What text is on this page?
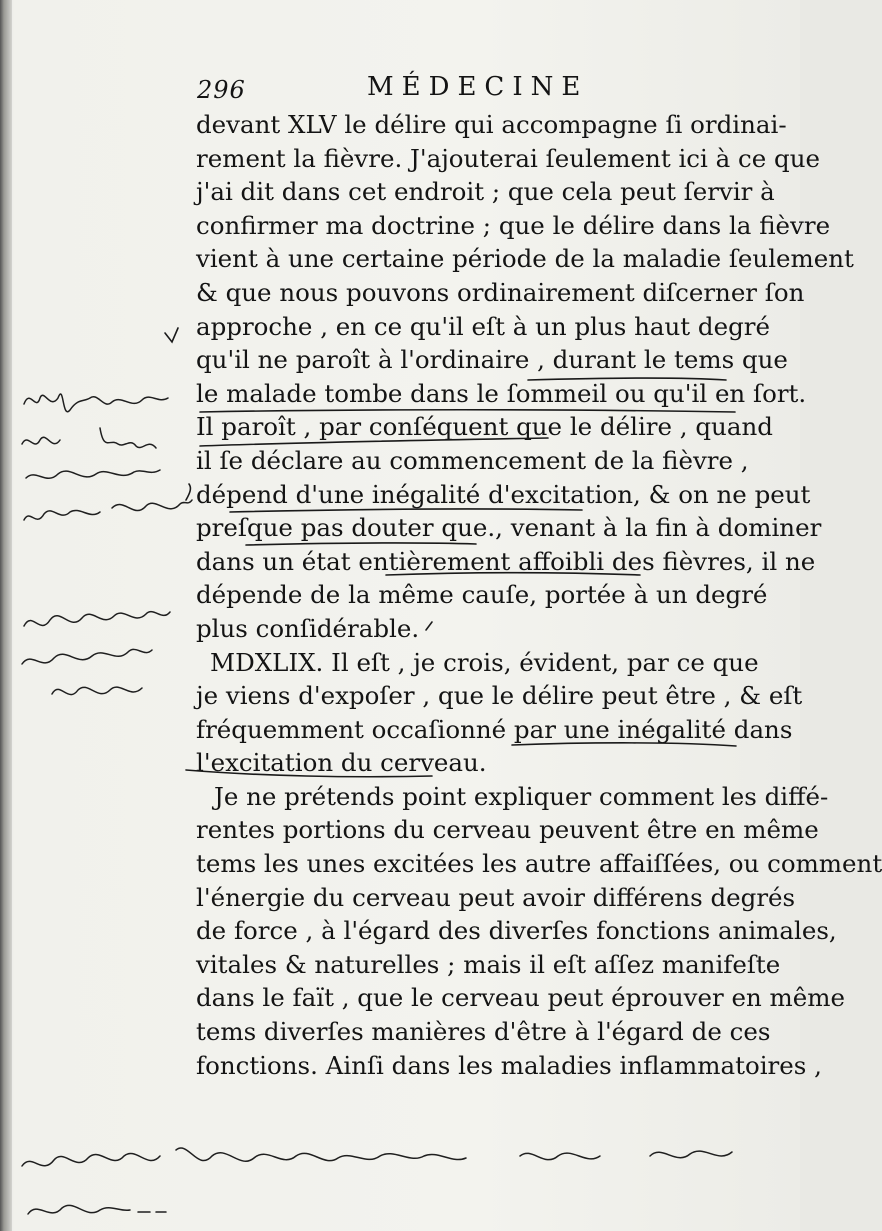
296	MÉDECINE
devant XLV le délire qui accompagne ſi ordinai-
rement la fièvre. J'ajouterai ſeulement ici à ce que
j'ai dit dans cet endroit ; que cela peut ſervir à
confirmer ma doctrine ; que le délire dans la fièvre
vient à une certaine période de la maladie ſeulement
& que nous pouvons ordinairement diſcerner ſon
approche , en ce qu'il eſt à un plus haut degré
qu'il ne paroît à l'ordinaire , durant le tems que
le malade tombe dans le ſommeil ou qu'il en ſort.
Il paroît , par conſéquent que le délire , quand
il ſe déclare au commencement de la fièvre ,
dépend d'une inégalité d'excitation, & on ne peut
preſque pas douter que., venant à la fin à dominer
dans un état entièrement affoibli des fièvres, il ne
dépende de la même cauſe, portée à un degré
plus conſidérable.
MDXLIX. Il eſt , je crois, évident, par ce que
je viens d'expoſer , que le délire peut être , & eſt
fréquemment occaſionné par une inégalité dans
l'excitation du cerveau.
Je ne prétends point expliquer comment les diffé-
rentes portions du cerveau peuvent être en même
tems les unes excitées les autre affaiſſées, ou comment
l'énergie du cerveau peut avoir différens degrés
de force , à l'égard des diverſes fonctions animales,
vitales & naturelles ; mais il eſt aſſez manifeſte
dans le faït , que le cerveau peut éprouver en même
tems diverſes manières d'être à l'égard de ces
fonctions. Ainſi dans les maladies inflammatoires ,
